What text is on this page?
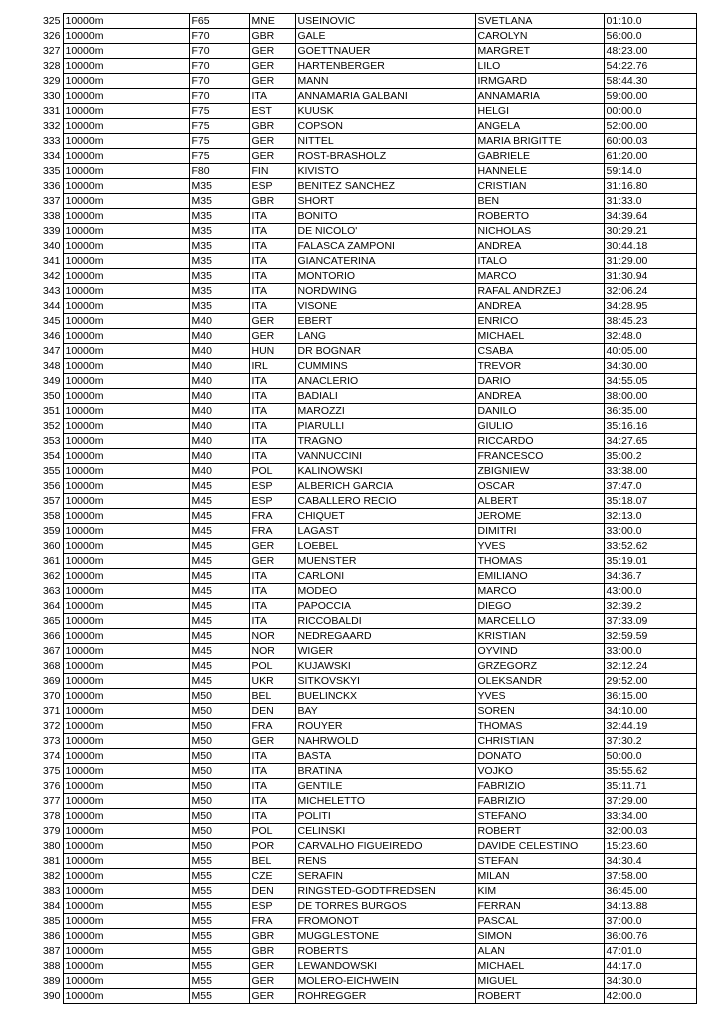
325	10000m	F65	MNE	USEINOVIC	SVETLANA	01:10.0
326	10000m	F70	GBR	GALE	CAROLYN	56:00.0
327	10000m	F70	GER	GOETTNAUER	MARGRET	48:23.00
328	10000m	F70	GER	HARTENBERGER	LILO	54:22.76
329	10000m	F70	GER	MANN	IRMGARD	58:44.30
330	10000m	F70	ITA	ANNAMARIA GALBANI	ANNAMARIA	59:00.00
331	10000m	F75	EST	KUUSK	HELGI	00:00.0
332	10000m	F75	GBR	COPSON	ANGELA	52:00.00
333	10000m	F75	GER	NITTEL	MARIA BRIGITTE	60:00.03
334	10000m	F75	GER	ROST-BRASHOLZ	GABRIELE	61:20.00
335	10000m	F80	FIN	KIVISTO	HANNELE	59:14.0
336	10000m	M35	ESP	BENITEZ SANCHEZ	CRISTIAN	31:16.80
337	10000m	M35	GBR	SHORT	BEN	31:33.0
338	10000m	M35	ITA	BONITO	ROBERTO	34:39.64
339	10000m	M35	ITA	DE NICOLO'	NICHOLAS	30:29.21
340	10000m	M35	ITA	FALASCA ZAMPONI	ANDREA	30:44.18
341	10000m	M35	ITA	GIANCATERINA	ITALO	31:29.00
342	10000m	M35	ITA	MONTORIO	MARCO	31:30.94
343	10000m	M35	ITA	NORDWING	RAFAL ANDRZEJ	32:06.24
344	10000m	M35	ITA	VISONE	ANDREA	34:28.95
345	10000m	M40	GER	EBERT	ENRICO	38:45.23
346	10000m	M40	GER	LANG	MICHAEL	32:48.0
347	10000m	M40	HUN	DR BOGNAR	CSABA	40:05.00
348	10000m	M40	IRL	CUMMINS	TREVOR	34:30.00
349	10000m	M40	ITA	ANACLERIO	DARIO	34:55.05
350	10000m	M40	ITA	BADIALI	ANDREA	38:00.00
351	10000m	M40	ITA	MAROZZI	DANILO	36:35.00
352	10000m	M40	ITA	PIARULLI	GIULIO	35:16.16
353	10000m	M40	ITA	TRAGNO	RICCARDO	34:27.65
354	10000m	M40	ITA	VANNUCCINI	FRANCESCO	35:00.2
355	10000m	M40	POL	KALINOWSKI	ZBIGNIEW	33:38.00
356	10000m	M45	ESP	ALBERICH GARCIA	OSCAR	37:47.0
357	10000m	M45	ESP	CABALLERO RECIO	ALBERT	35:18.07
358	10000m	M45	FRA	CHIQUET	JEROME	32:13.0
359	10000m	M45	FRA	LAGAST	DIMITRI	33:00.0
360	10000m	M45	GER	LOEBEL	YVES	33:52.62
361	10000m	M45	GER	MUENSTER	THOMAS	35:19.01
362	10000m	M45	ITA	CARLONI	EMILIANO	34:36.7
363	10000m	M45	ITA	MODEO	MARCO	43:00.0
364	10000m	M45	ITA	PAPOCCIA	DIEGO	32:39.2
365	10000m	M45	ITA	RICCOBALDI	MARCELLO	37:33.09
366	10000m	M45	NOR	NEDREGAARD	KRISTIAN	32:59.59
367	10000m	M45	NOR	WIGER	OYVIND	33:00.0
368	10000m	M45	POL	KUJAWSKI	GRZEGORZ	32:12.24
369	10000m	M45	UKR	SITKOVSKYI	OLEKSANDR	29:52.00
370	10000m	M50	BEL	BUELINCKX	YVES	36:15.00
371	10000m	M50	DEN	BAY	SOREN	34:10.00
372	10000m	M50	FRA	ROUYER	THOMAS	32:44.19
373	10000m	M50	GER	NAHRWOLD	CHRISTIAN	37:30.2
374	10000m	M50	ITA	BASTA	DONATO	50:00.0
375	10000m	M50	ITA	BRATINA	VOJKO	35:55.62
376	10000m	M50	ITA	GENTILE	FABRIZIO	35:11.71
377	10000m	M50	ITA	MICHELETTO	FABRIZIO	37:29.00
378	10000m	M50	ITA	POLITI	STEFANO	33:34.00
379	10000m	M50	POL	CELINSKI	ROBERT	32:00.03
380	10000m	M50	POR	CARVALHO FIGUEIREDO	DAVIDE CELESTINO	15:23.60
381	10000m	M55	BEL	RENS	STEFAN	34:30.4
382	10000m	M55	CZE	SERAFIN	MILAN	37:58.00
383	10000m	M55	DEN	RINGSTED-GODTFREDSEN	KIM	36:45.00
384	10000m	M55	ESP	DE TORRES BURGOS	FERRAN	34:13.88
385	10000m	M55	FRA	FROMONOT	PASCAL	37:00.0
386	10000m	M55	GBR	MUGGLESTONE	SIMON	36:00.76
387	10000m	M55	GBR	ROBERTS	ALAN	47:01.0
388	10000m	M55	GER	LEWANDOWSKI	MICHAEL	44:17.0
389	10000m	M55	GER	MOLERO-EICHWEIN	MIGUEL	34:30.0
390	10000m	M55	GER	ROHREGGER	ROBERT	42:00.0
